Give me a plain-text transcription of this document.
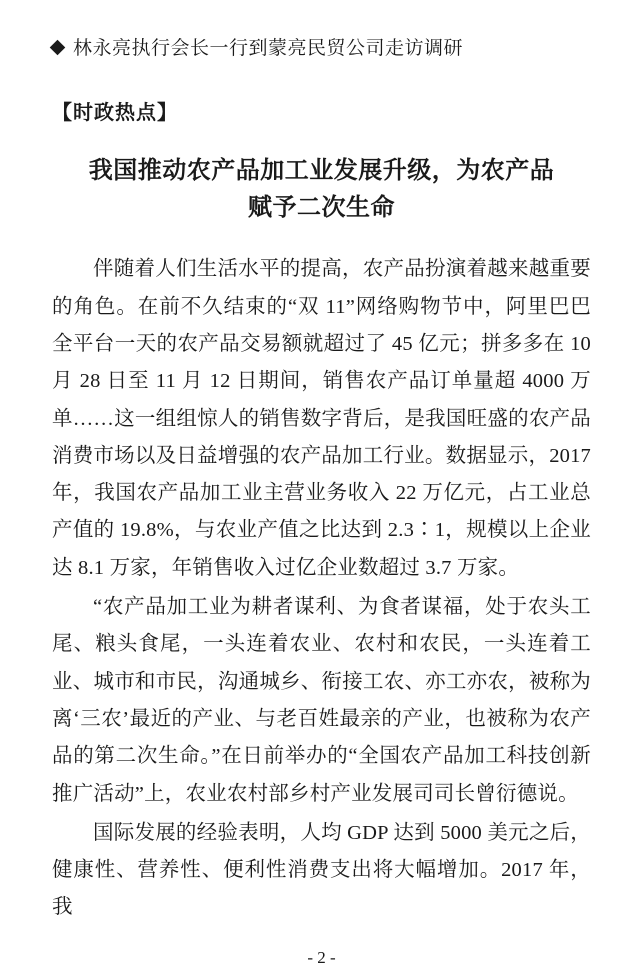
林永亮执行会长一行到蒙亮民贸公司走访调研
【时政热点】
我国推动农产品加工业发展升级，为农产品
赋予二次生命

伴随着人们生活水平的提高，农产品扮演着越来越重要的角色。在前不久结束的“双 11”网络购物节中，阿里巴巴全平台一天的农产品交易额就超过了 45 亿元；拼多多在 10 月 28 日至 11 月 12 日期间，销售农产品订单量超 4000 万单……这一组组惊人的销售数字背后，是我国旺盛的农产品消费市场以及日益增强的农产品加工行业。数据显示，2017 年，我国农产品加工业主营业务收入 22 万亿元，占工业总产值的 19.8%，与农业产值之比达到 2.3∶1，规模以上企业达 8.1 万家，年销售收入过亿企业数超过 3.7 万家。

“农产品加工业为耕者谋利、为食者谋福，处于农头工尾、粮头食尾，一头连着农业、农村和农民，一头连着工业、城市和市民，沟通城乡、衔接工农、亦工亦农，被称为离‘三农’最近的产业、与老百姓最亲的产业，也被称为农产品的第二次生命。”在日前举办的“全国农产品加工科技创新推广活动”上，农业农村部乡村产业发展司司长曾衍德说。

国际发展的经验表明，人均 GDP 达到 5000 美元之后，健康性、营养性、便利性消费支出将大幅增加。2017 年，我

- 2 -
